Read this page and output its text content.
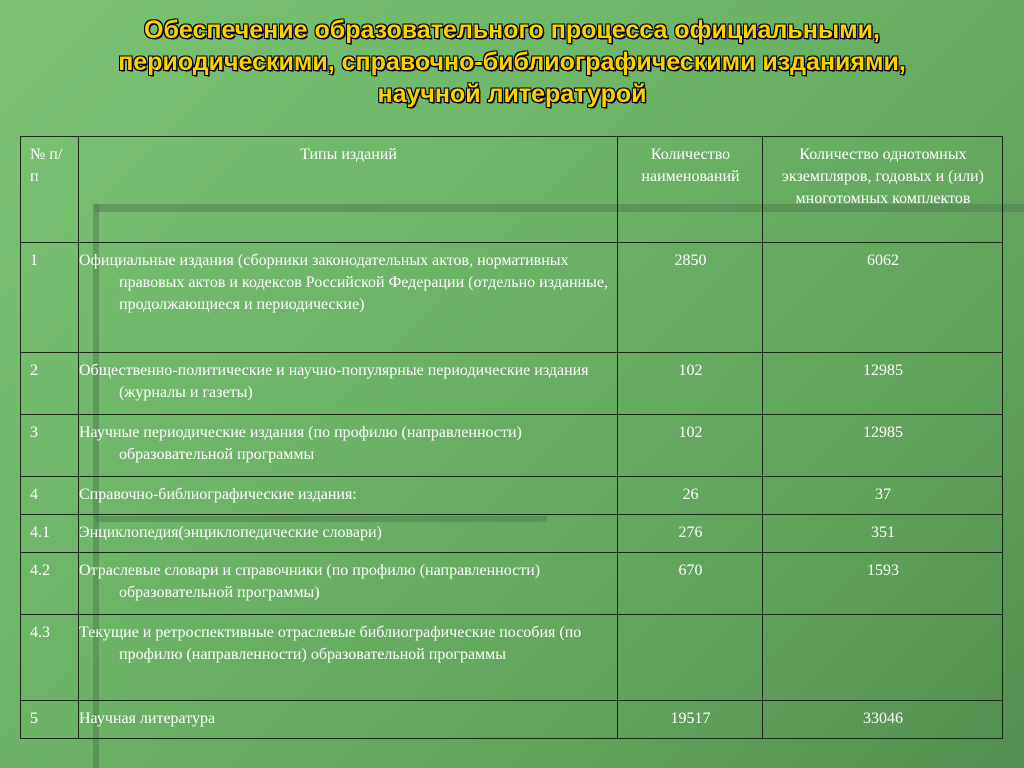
Обеспечение образовательного процесса официальными,
периодическими, справочно-библиографическими изданиями,
научной литературой
№ п/п	Типы изданий	Количество наименований	Количество однотомных экземпляров, годовых и (или) многотомных комплектов
1	Официальные издания (сборники законодательных актов, нормативных правовых актов и кодексов Российской Федерации (отдельно изданные, продолжающиеся и периодические)	2850	6062
2	Общественно-политические и научно-популярные периодические издания (журналы и газеты)	102	12985
3	Научные периодические издания (по профилю (направленности) образовательной программы	102	12985
4	Справочно-библиографические издания:	26	37
4.1	Энциклопедия(энциклопедические словари)	276	351
4.2	Отраслевые словари и справочники (по профилю (направленности) образовательной программы)	670	1593
4.3	Текущие и ретроспективные отраслевые библиографические пособия (по профилю (направленности) образовательной программы		
5	Научная литература	19517	33046
